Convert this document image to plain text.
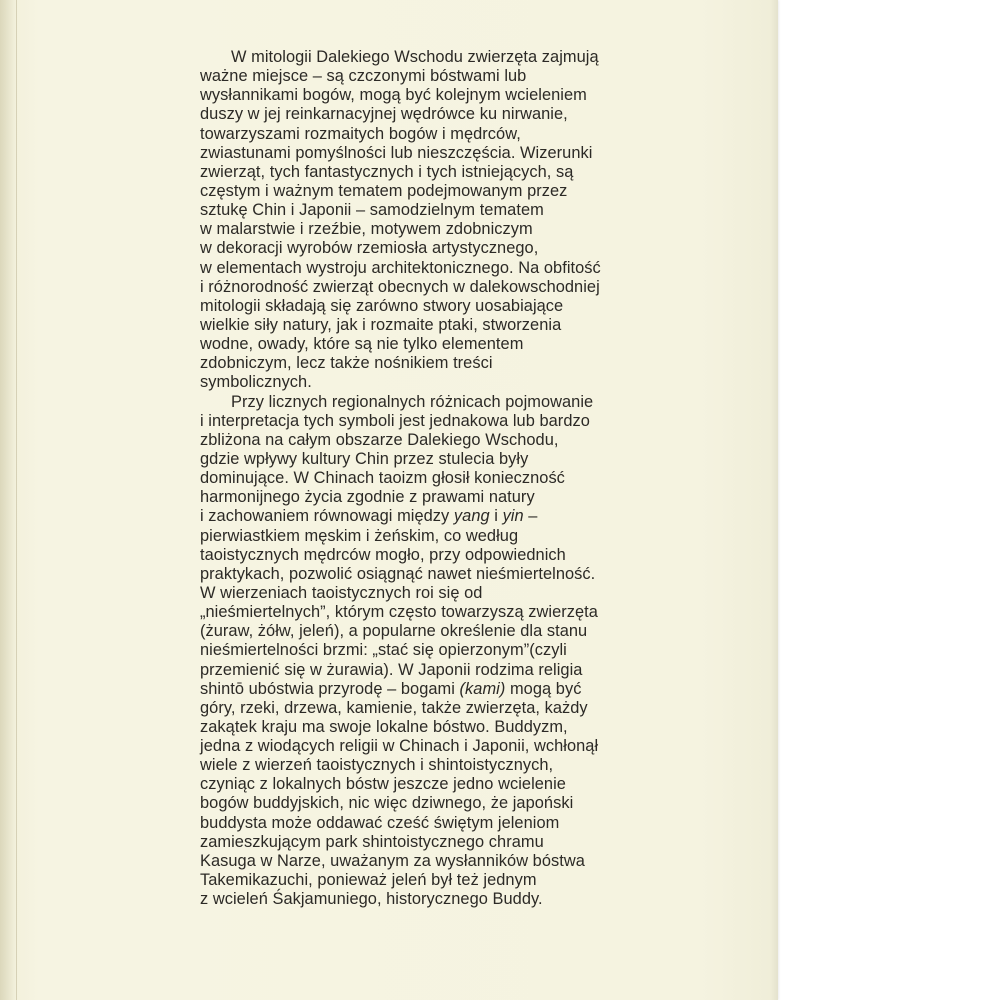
W mitologii Dalekiego Wschodu zwierzęta zajmują
ważne miejsce – są czczonymi bóstwami lub
wysłannikami bogów, mogą być kolejnym wcieleniem
duszy w jej reinkarnacyjnej wędrówce ku nirwanie,
towarzyszami rozmaitych bogów i mędrców,
zwiastunami pomyślności lub nieszczęścia. Wizerunki
zwierząt, tych fantastycznych i tych istniejących, są
częstym i ważnym tematem podejmowanym przez
sztukę Chin i Japonii – samodzielnym tematem
w malarstwie i rzeźbie, motywem zdobniczym
w dekoracji wyrobów rzemiosła artystycznego,
w elementach wystroju architektonicznego. Na obfitość
i różnorodność zwierząt obecnych w dalekowschodniej
mitologii składają się zarówno stwory uosabiające
wielkie siły natury, jak i rozmaite ptaki, stworzenia
wodne, owady, które są nie tylko elementem
zdobniczym, lecz także nośnikiem treści
symbolicznych.
Przy licznych regionalnych różnicach pojmowanie
i interpretacja tych symboli jest jednakowa lub bardzo
zbliżona na całym obszarze Dalekiego Wschodu,
gdzie wpływy kultury Chin przez stulecia były
dominujące. W Chinach taoizm głosił konieczność
harmonijnego życia zgodnie z prawami natury
i zachowaniem równowagi między yang i yin –
pierwiastkiem męskim i żeńskim, co według
taoistycznych mędrców mogło, przy odpowiednich
praktykach, pozwolić osiągnąć nawet nieśmiertelność.
W wierzeniach taoistycznych roi się od
„nieśmiertelnych”, którym często towarzyszą zwierzęta
(żuraw, żółw, jeleń), a popularne określenie dla stanu
nieśmiertelności brzmi: „stać się opierzonym”(czyli
przemienić się w żurawia). W Japonii rodzima religia
shintō ubóstwia przyrodę – bogami (kami) mogą być
góry, rzeki, drzewa, kamienie, także zwierzęta, każdy
zakątek kraju ma swoje lokalne bóstwo. Buddyzm,
jedna z wiodących religii w Chinach i Japonii, wchłonął
wiele z wierzeń taoistycznych i shintoistycznych,
czyniąc z lokalnych bóstw jeszcze jedno wcielenie
bogów buddyjskich, nic więc dziwnego, że japoński
buddysta może oddawać cześć świętym jeleniom
zamieszkującym park shintoistycznego chramu
Kasuga w Narze, uważanym za wysłanników bóstwa
Takemikazuchi, ponieważ jeleń był też jednym
z wcieleń Śakjamuniego, historycznego Buddy.
